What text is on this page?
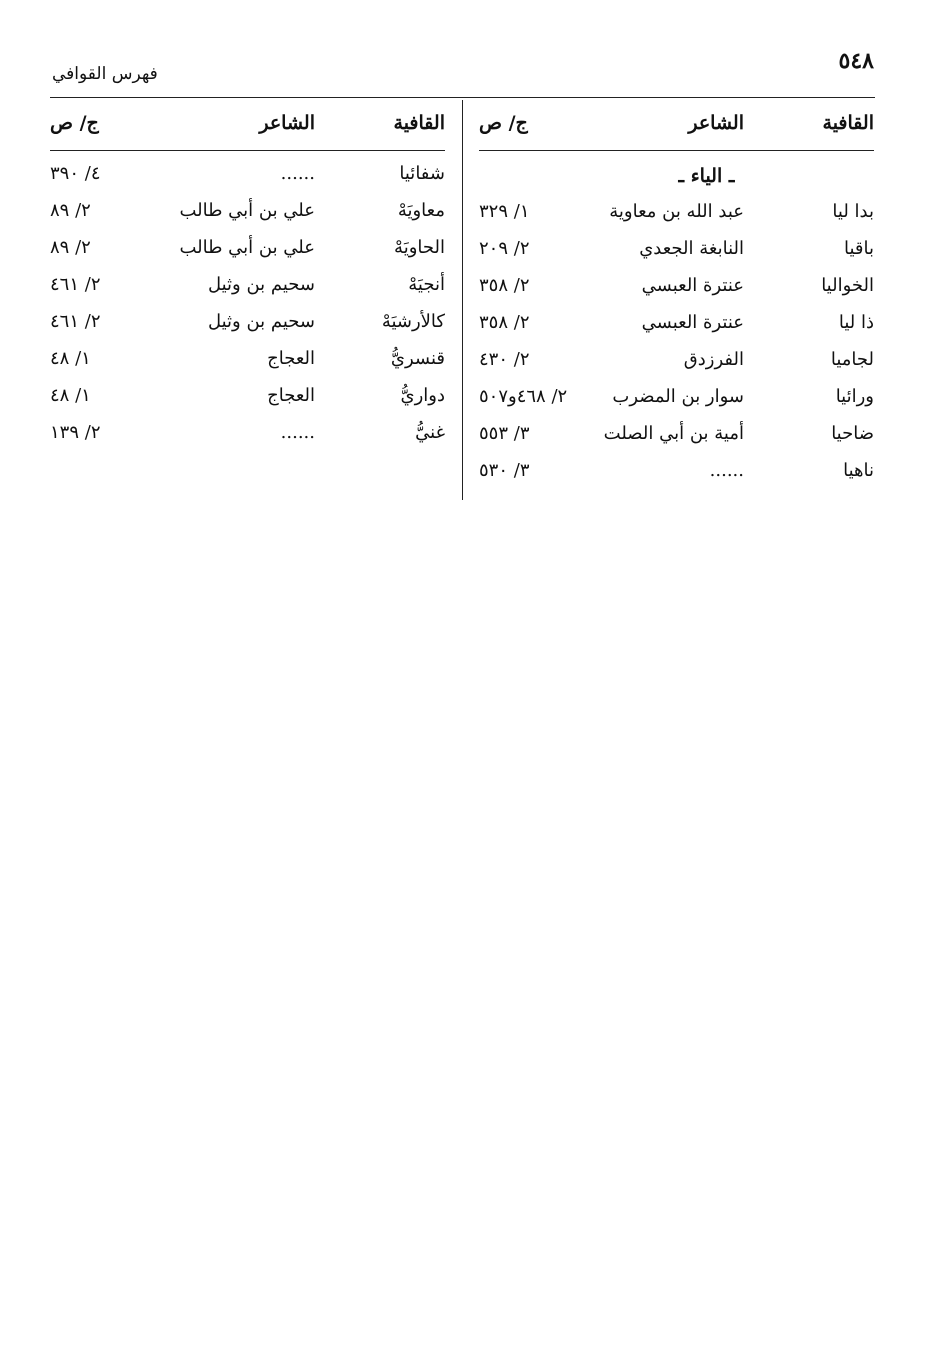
٥٤٨
فهرس القوافي
القافية
الشاعر
ج/ ص
ـ الياء ـ
بدا ليا
عبد الله بن معاوية
١/ ٣٢٩
باقيا
النابغة الجعدي
٢/ ٢٠٩
الخواليا
عنترة العبسي
٢/ ٣٥٨
ذا ليا
عنترة العبسي
٢/ ٣٥٨
لجاميا
الفرزدق
٢/ ٤٣٠
ورائيا
سوار بن المضرب
٢/ ٤٦٨و٥٠٧
ضاحيا
أمية بن أبي الصلت
٣/ ٥٥٣
ناهيا
......
٣/ ٥٣٠
القافية
الشاعر
ج/ ص
شفائيا
......
٤/ ٣٩٠
معاويَهْ
علي بن أبي طالب
٢/ ٨٩
الحاويَهْ
علي بن أبي طالب
٢/ ٨٩
أنجيَهْ
سحيم بن وثيل
٢/ ٤٦١
كالأرشيَهْ
سحيم بن وثيل
٢/ ٤٦١
قنسريُّ
العجاج
١/ ٤٨
دواريُّ
العجاج
١/ ٤٨
غنيُّ
......
٢/ ١٣٩
